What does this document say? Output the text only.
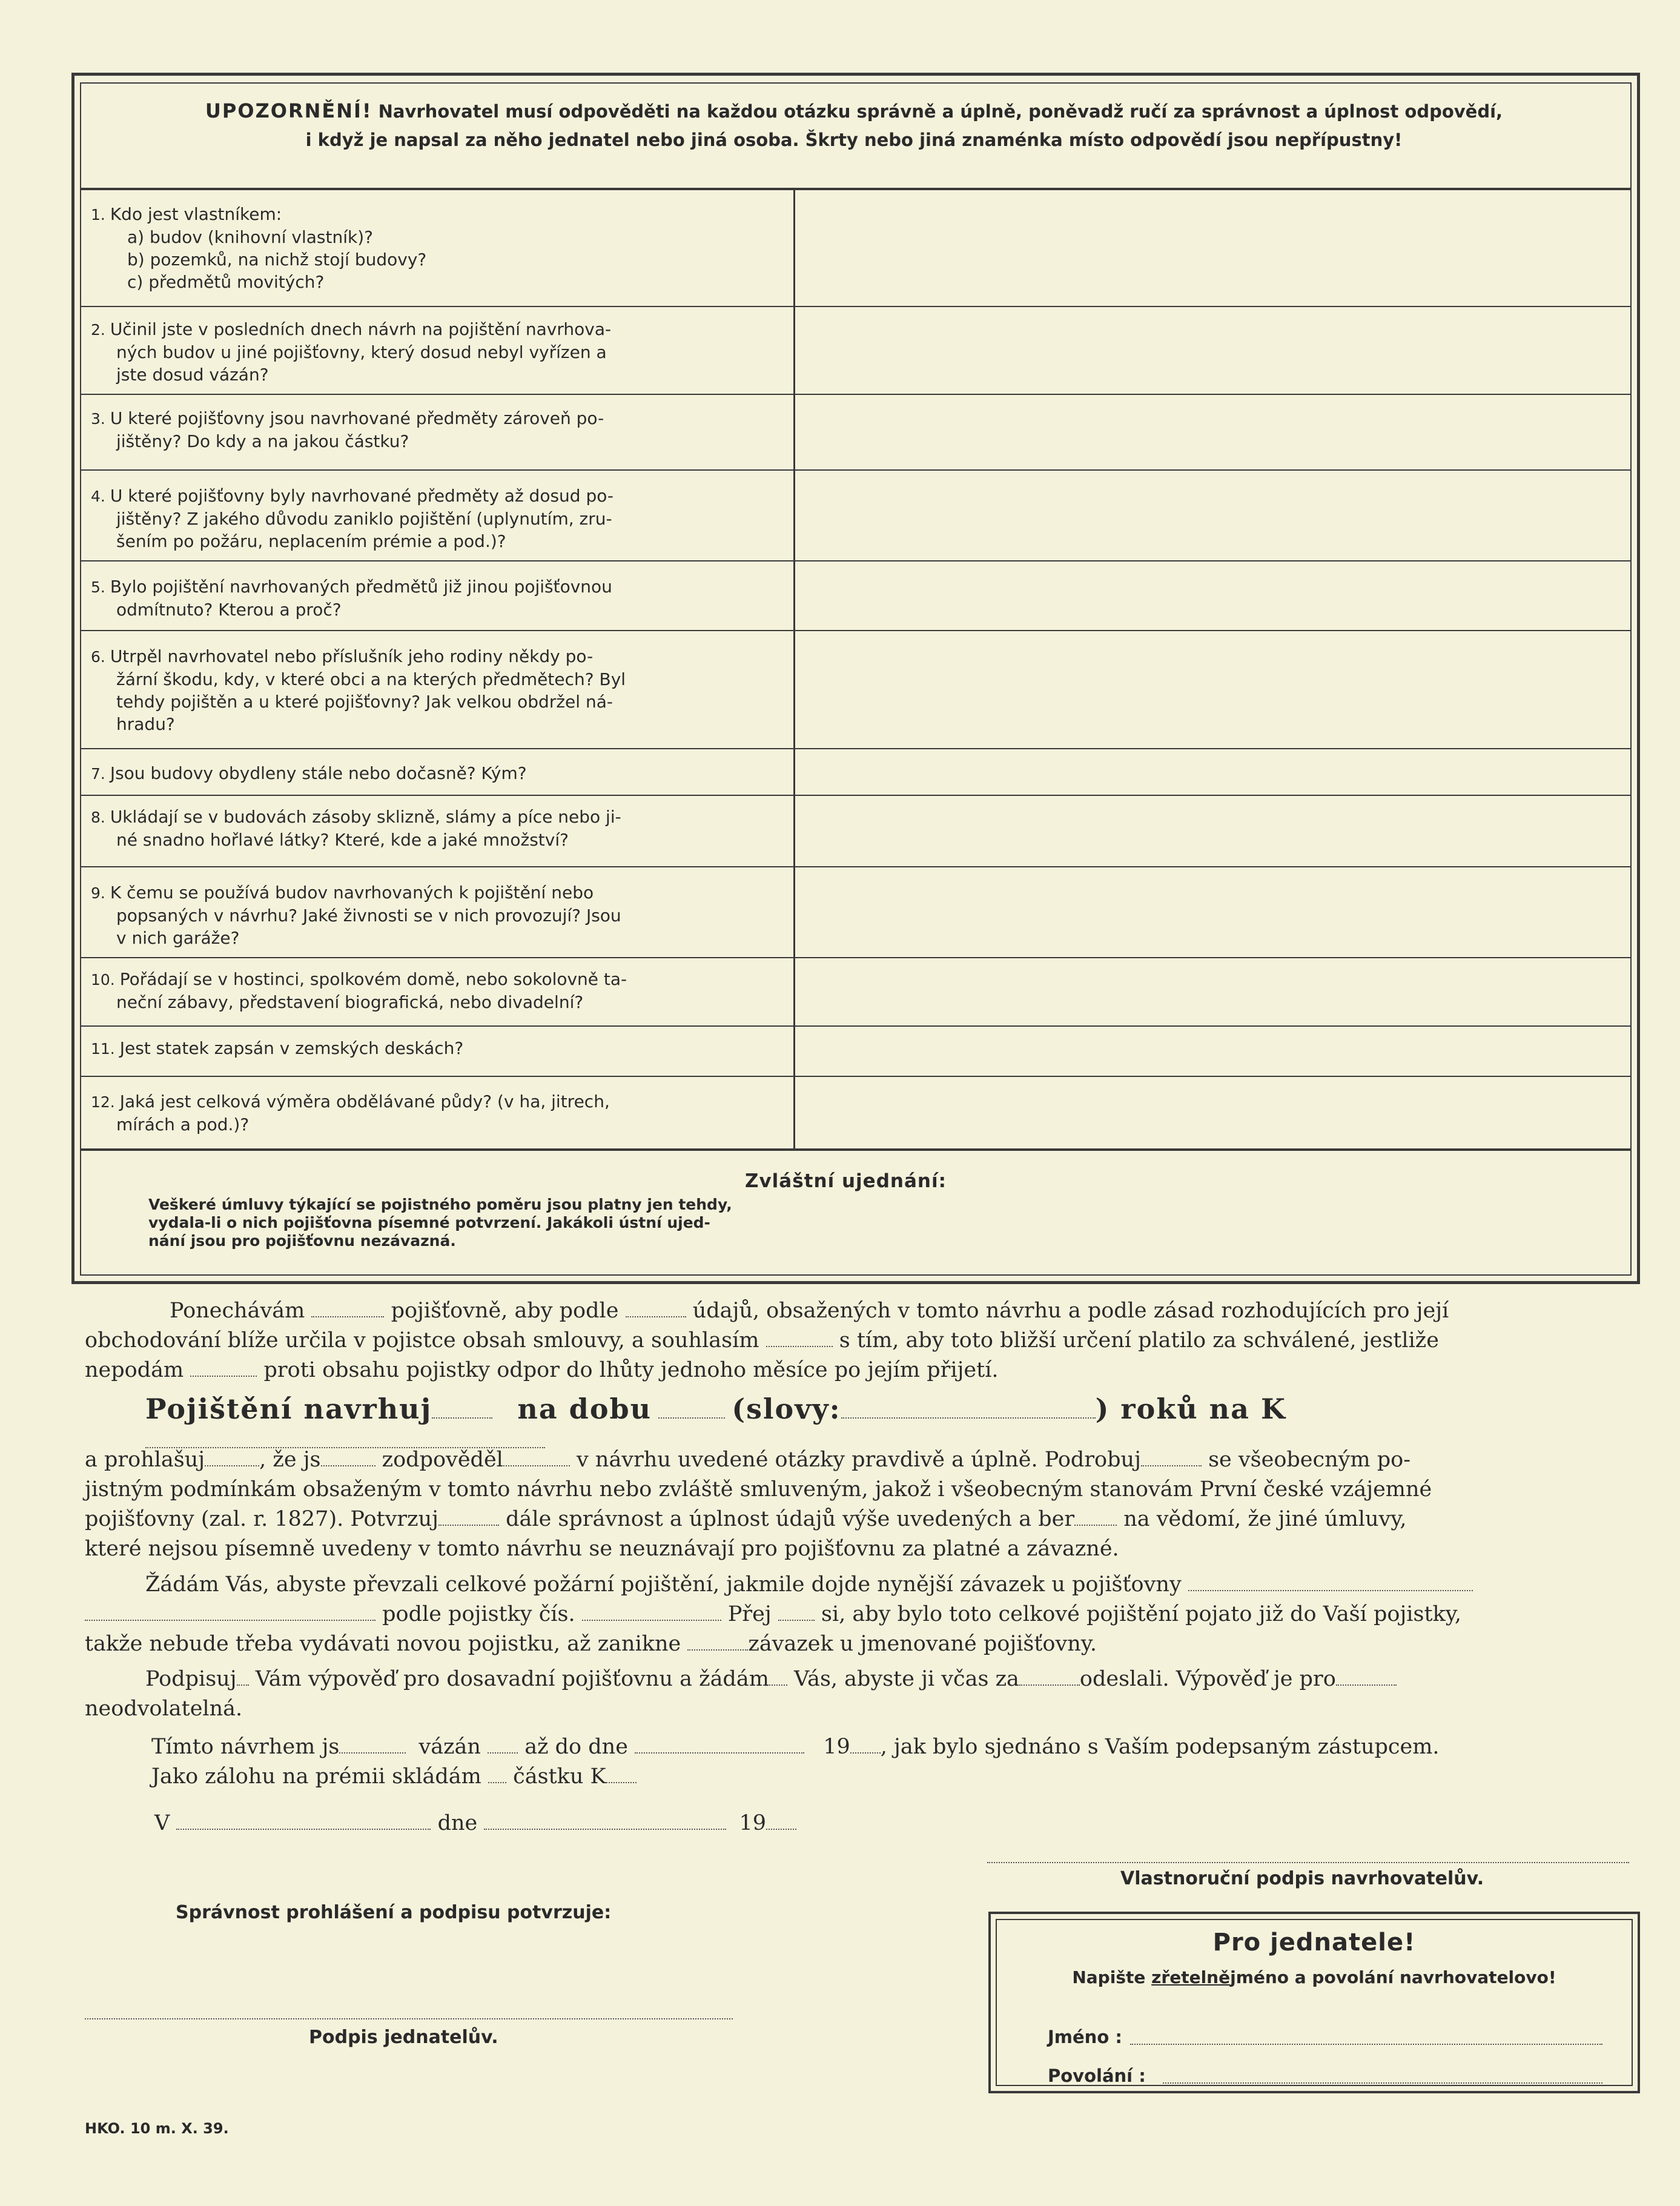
UPOZORNĚNÍ! Navrhovatel musí odpověděti na každou otázku správně a úplně, poněvadž ručí za správnost a úplnost odpovědí,
i když je napsal za něho jednatel nebo jiná osoba. Škrty nebo jiná znaménka místo odpovědí jsou nepřípustny!
1. Kdo jest vlastníkem:
a) budov (knihovní vlastník)?
b) pozemků, na nichž stojí budovy?
c) předmětů movitých?
2. Učinil jste v posledních dnech návrh na pojištění navrhova-
ných budov u jiné pojišťovny, který dosud nebyl vyřízen a
jste dosud vázán?
3. U které pojišťovny jsou navrhované předměty zároveň po-
jištěny? Do kdy a na jakou částku?
4. U které pojišťovny byly navrhované předměty až dosud po-
jištěny? Z jakého důvodu zaniklo pojištění (uplynutím, zru-
šením po požáru, neplacením prémie a pod.)?
5. Bylo pojištění navrhovaných předmětů již jinou pojišťovnou
odmítnuto? Kterou a proč?
6. Utrpěl navrhovatel nebo příslušník jeho rodiny někdy po-
žární škodu, kdy, v které obci a na kterých předmětech? Byl
tehdy pojištěn a u které pojišťovny? Jak velkou obdržel ná-
hradu?
7. Jsou budovy obydleny stále nebo dočasně? Kým?
8. Ukládají se v budovách zásoby sklizně, slámy a píce nebo ji-
né snadno hořlavé látky? Které, kde a jaké množství?
9. K čemu se používá budov navrhovaných k pojištění nebo
popsaných v návrhu? Jaké živnosti se v nich provozují? Jsou
v nich garáže?
10. Pořádají se v hostinci, spolkovém domě, nebo sokolovně ta-
neční zábavy, představení biografická, nebo divadelní?
11. Jest statek zapsán v zemských deskách?
12. Jaká jest celková výměra obdělávané půdy? (v ha, jitrech,
mírách a pod.)?
Zvláštní ujednání:
Veškeré úmluvy týkající se pojistného poměru jsou platny jen tehdy,
vydala-li o nich pojišťovna písemné potvrzení. Jakákoli ústní ujed-
nání jsou pro pojišťovnu nezávazná.

Ponechávám	pojišťovně, aby podle	údajů, obsažených v tomto návrhu a podle zásad rozhodujících pro její

obchodování blíže určila v pojistce obsah smlouvy, a souhlasím	s tím, aby toto bližší určení platilo za schválené, jestliže

nepodám	proti obsahu pojistky odpor do lhůty jednoho měsíce po jejím přijetí.

Pojištění navrhuj	na dobu	(slovy:	) roků na K

a prohlašuj	, že js	zodpověděl	v návrhu uvedené otázky pravdivě a úplně. Podrobuj	se všeobecným po-

jistným podmínkám obsaženým v tomto návrhu nebo zvláště smluveným, jakož i všeobecným stanovám První české vzájemné

pojišťovny (zal. r. 1827). Potvrzuj	dále správnost a úplnost údajů výše uvedených a ber na vědomí, že jiné úmluvy,

které nejsou písemně uvedeny v tomto návrhu se neuznávají pro pojišťovnu za platné a závazné.

Žádám Vás, abyste převzali celkové požární pojištění, jakmile dojde nynější závazek u pojišťovny

podle pojistky čís.	Přej si, aby bylo toto celkové pojištění pojato již do Vaší pojistky,

takže nebude třeba vydávati novou pojistku, až zanikne	závazek u jmenované pojišťovny.

Podpisuj Vám výpověď pro dosavadní pojišťovnu a žádám Vás, abyste ji včas za	odeslali. Výpověď je pro

neodvolatelná.

Tímto návrhem js	vázán až do dne	19 , jak bylo sjednáno s Vaším podepsaným zástupcem.

Jako zálohu na prémii skládám částku K

V	dne	19

Vlastnoruční podpis navrhovatelův.
Správnost prohlášení a podpisu potvrzuje:
Podpis jednatelův.
Pro jednatele!
Napište zřetelnějméno a povolání navrhovatelovo!
Jméno :
Povolání :
HKO. 10 m. X. 39.
